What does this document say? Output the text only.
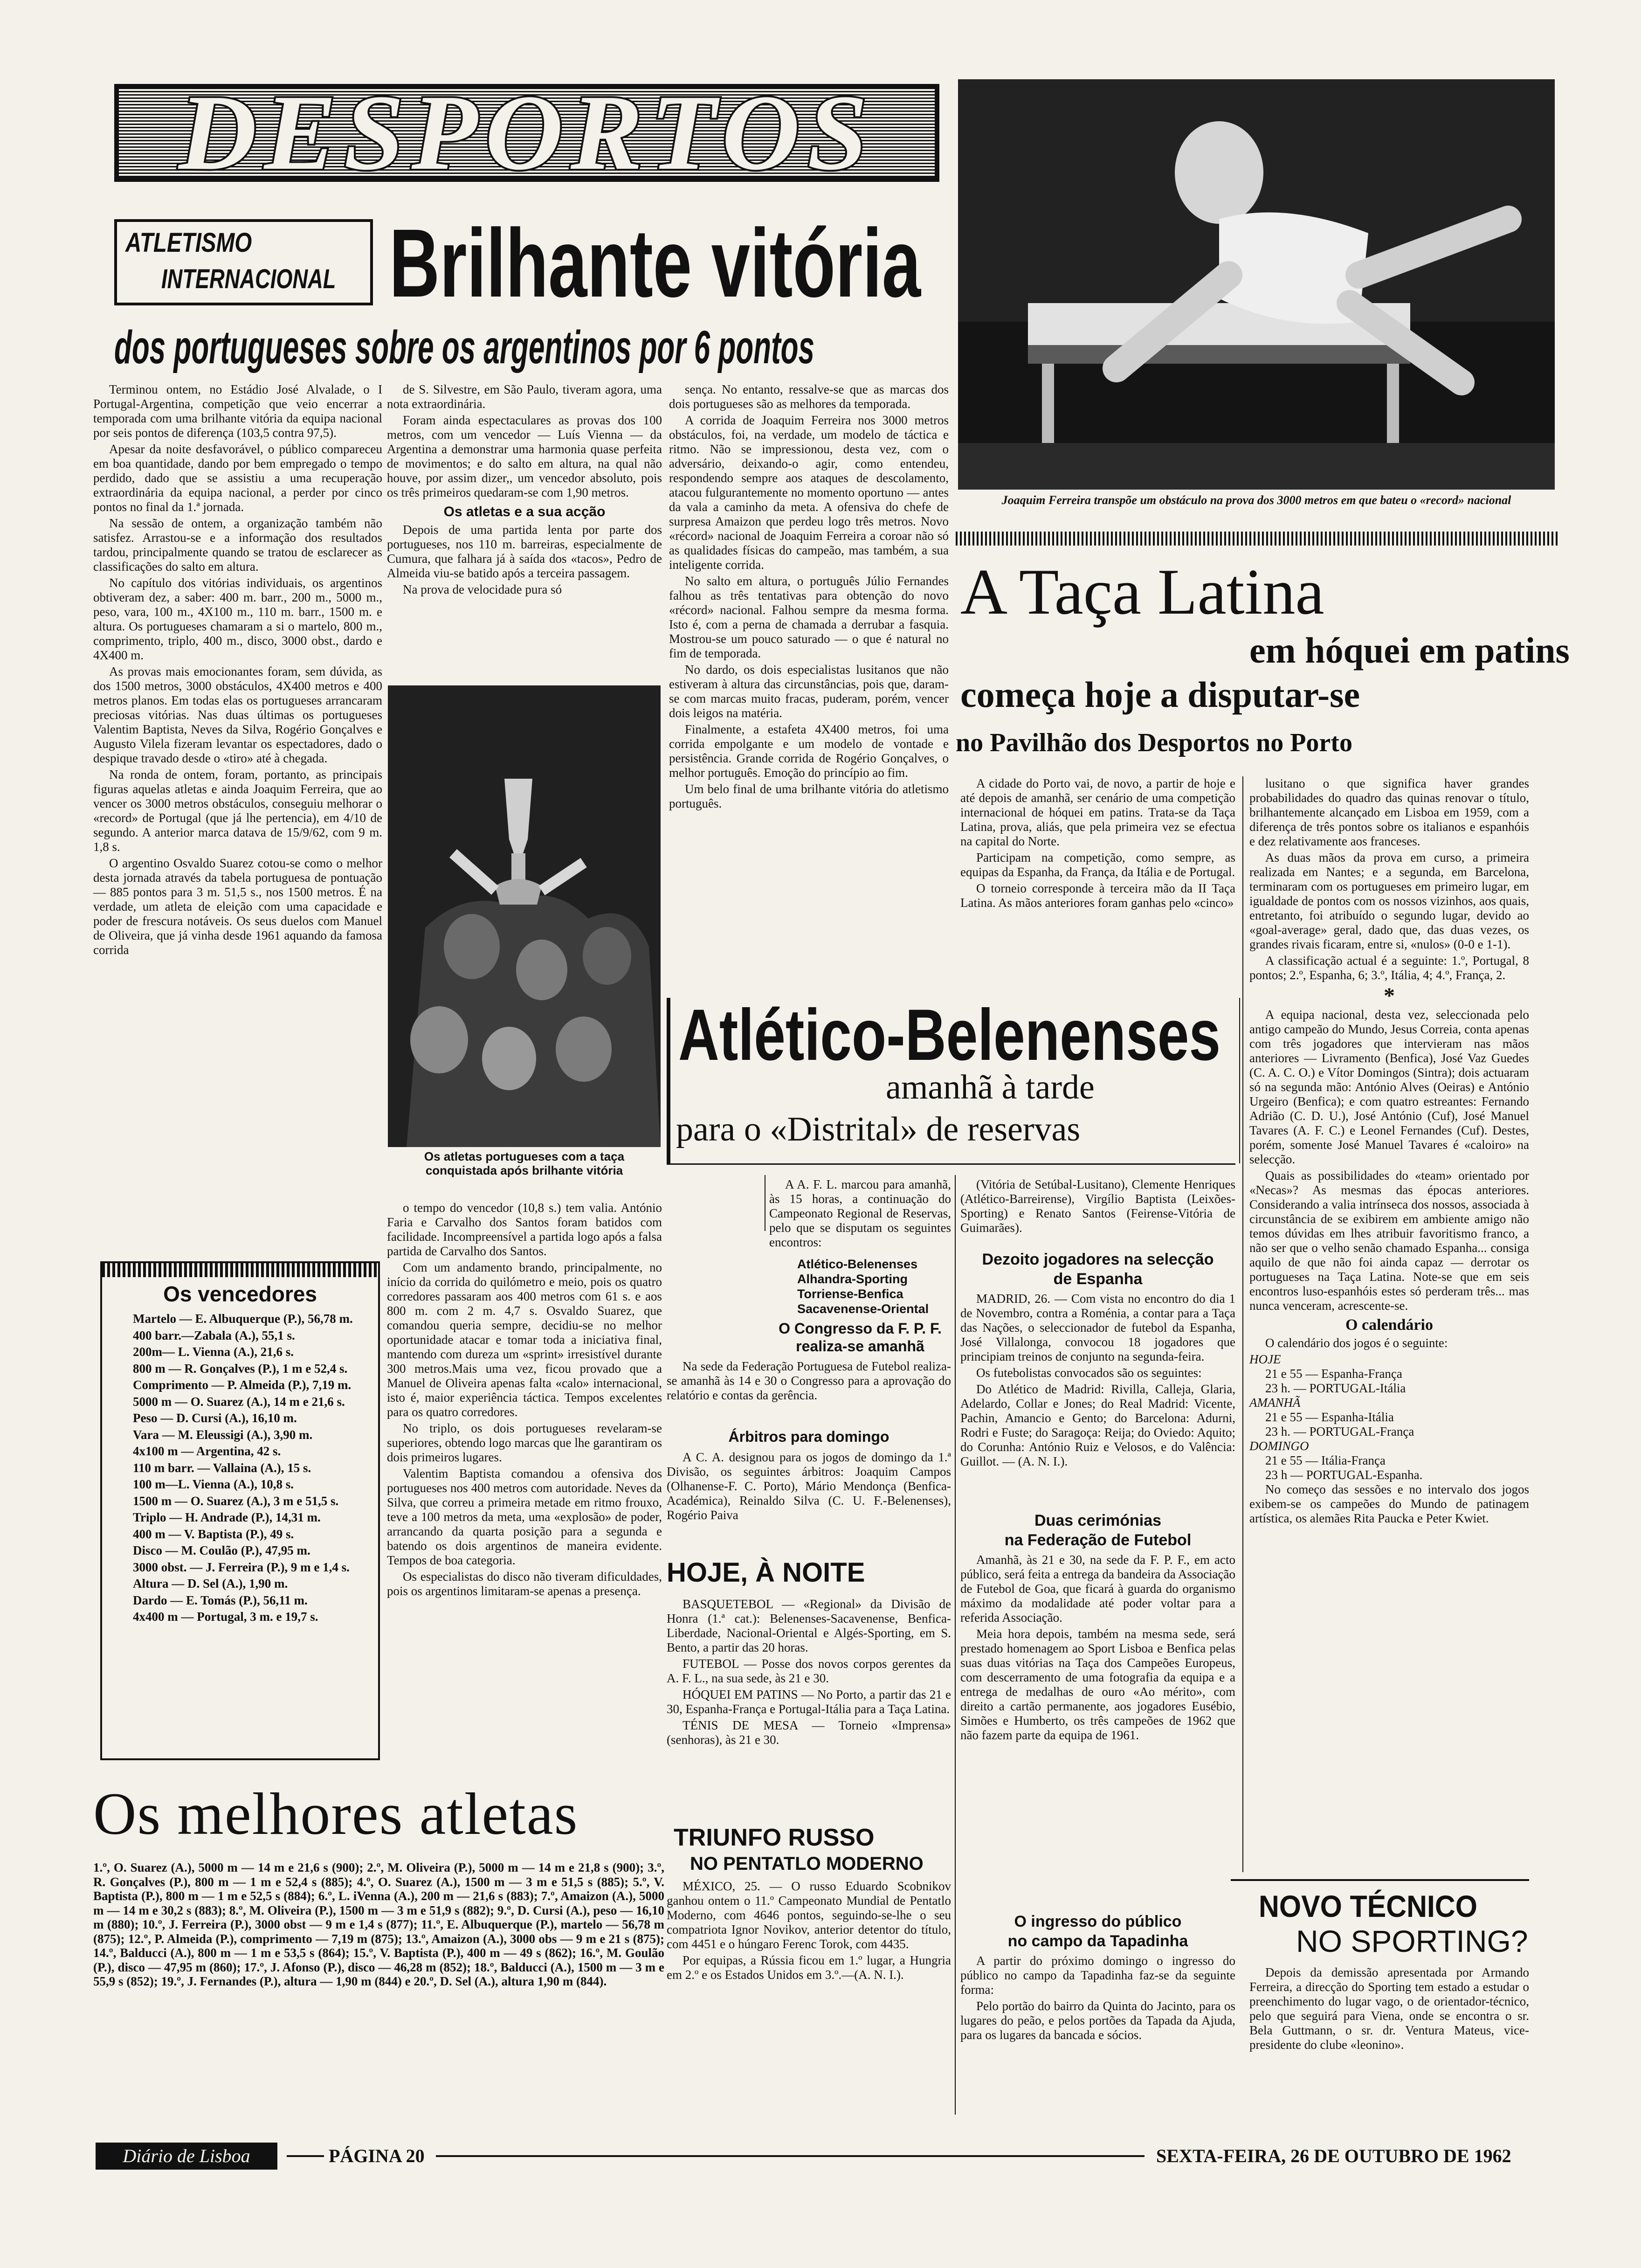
DESPORTOS
ATLETISMO
INTERNACIONAL Brilhante vitória
dos portugueses sobre os argentinos por 6 pontos

Terminou ontem, no Estádio José Alvalade, o I Portugal-Argentina, competição que veio encerrar a temporada com uma brilhante vitória da equipa nacional por seis pontos de diferença (103,5 contra 97,5).

Apesar da noite desfavorável, o público compareceu em boa quantidade, dando por bem empregado o tempo perdido, dado que se assistiu a uma recuperação extraordinária da equipa nacional, a perder por cinco pontos no final da 1.ª jornada.

Na sessão de ontem, a organização também não satisfez. Arrastou-se e a informação dos resultados tardou, principalmente quando se tratou de esclarecer as classificações do salto em altura.

No capítulo dos vitórias individuais, os argentinos obtiveram dez, a saber: 400 m. barr., 200 m., 5000 m., peso, vara, 100 m., 4X100 m., 110 m. barr., 1500 m. e altura. Os portugueses chamaram a si o martelo, 800 m., comprimento, triplo, 400 m., disco, 3000 obst., dardo e 4X400 m.

As provas mais emocionantes foram, sem dúvida, as dos 1500 metros, 3000 obstáculos, 4X400 metros e 400 metros planos. Em todas elas os portugueses arrancaram preciosas vitórias. Nas duas últimas os portugueses Valentim Baptista, Neves da Silva, Rogério Gonçalves e Augusto Vilela fizeram levantar os espectadores, dado o despique travado desde o «tiro» até à chegada.

Na ronda de ontem, foram, portanto, as principais figuras aquelas atletas e ainda Joaquim Ferreira, que ao vencer os 3000 metros obstáculos, conseguiu melhorar o «record» de Portugal (que já lhe pertencia), em 4/10 de segundo. A anterior marca datava de 15/9/62, com 9 m. 1,8 s.

O argentino Osvaldo Suarez cotou-se como o melhor desta jornada através da tabela portuguesa de pontuação — 885 pontos para 3 m. 51,5 s., nos 1500 metros. É na verdade, um atleta de eleição com uma capacidade e poder de frescura notáveis. Os seus duelos com Manuel de Oliveira, que já vinha desde 1961 aquando da famosa corrida

de S. Silvestre, em São Paulo, tiveram agora, uma nota extraordinária.

Foram ainda espectaculares as provas dos 100 metros, com um vencedor — Luís Vienna — da Argentina a demonstrar uma harmonia quase perfeita de movimentos; e do salto em altura, na qual não houve, por assim dizer,, um vencedor absoluto, pois os três primeiros quedaram-se com 1,90 metros.

Os atletas e a sua acção

Depois de uma partida lenta por parte dos portugueses, nos 110 m. barreiras, especialmente de Cumura, que falhara já à saída dos «tacos», Pedro de Almeida viu-se batido após a terceira passagem.

Na prova de velocidade pura só

Os atletas portugueses com a taça conquistada após brilhante vitória

o tempo do vencedor (10,8 s.) tem valia. António Faria e Carvalho dos Santos foram batidos com facilidade. Incompreensível a partida logo após a falsa partida de Carvalho dos Santos.

Com um andamento brando, principalmente, no início da corrida do quilómetro e meio, pois os quatro corredores passaram aos 400 metros com 61 s. e aos 800 m. com 2 m. 4,7 s. Osvaldo Suarez, que comandou queria sempre, decidiu-se no melhor oportunidade atacar e tomar toda a iniciativa final, mantendo com dureza um «sprint» irresistível durante 300 metros.Mais uma vez, ficou provado que a Manuel de Oliveira apenas falta «calo» internacional, isto é, maior experiência táctica. Tempos excelentes para os quatro corredores.

No triplo, os dois portugueses revelaram-se superiores, obtendo logo marcas que lhe garantiram os dois primeiros lugares.

Valentim Baptista comandou a ofensiva dos portugueses nos 400 metros com autoridade. Neves da Silva, que correu a primeira metade em ritmo frouxo, teve a 100 metros da meta, uma «explosão» de poder, arrancando da quarta posição para a segunda e batendo os dois argentinos de maneira evidente. Tempos de boa categoria.

Os especialistas do disco não tiveram dificuldades, pois os argentinos limitaram-se apenas a presença.

sença. No entanto, ressalve-se que as marcas dos dois portugueses são as melhores da temporada.

A corrida de Joaquim Ferreira nos 3000 metros obstáculos, foi, na verdade, um modelo de táctica e ritmo. Não se impressionou, desta vez, com o adversário, deixando-o agir, como entendeu, respondendo sempre aos ataques de descolamento, atacou fulgurantemente no momento oportuno — antes da vala a caminho da meta. A ofensiva do chefe de surpresa Amaizon que perdeu logo três metros. Novo «récord» nacional de Joaquim Ferreira a coroar não só as qualidades físicas do campeão, mas também, a sua inteligente corrida.

No salto em altura, o português Júlio Fernandes falhou as três tentativas para obtenção do novo «récord» nacional. Falhou sempre da mesma forma. Isto é, com a perna de chamada a derrubar a fasquia. Mostrou-se um pouco saturado — o que é natural no fim de temporada.

No dardo, os dois especialistas lusitanos que não estiveram à altura das circunstâncias, pois que, daram-se com marcas muito fracas, puderam, porém, vencer dois leigos na matéria.

Finalmente, a estafeta 4X400 metros, foi uma corrida empolgante e um modelo de vontade e persistência. Grande corrida de Rogério Gonçalves, o melhor português. Emoção do princípio ao fim.

Um belo final de uma brilhante vitória do atletismo português.

Os vencedores
Martelo — E. Albuquerque (P.), 56,78 m.
400 barr.—Zabala (A.), 55,1 s.
200m— L. Vienna (A.), 21,6 s.
800 m — R. Gonçalves (P.), 1 m e 52,4 s.
Comprimento — P. Almeida (P.), 7,19 m.
5000 m — O. Suarez (A.), 14 m e 21,6 s.
Peso — D. Cursi (A.), 16,10 m.
Vara — M. Eleussigi (A.), 3,90 m.
4x100 m — Argentina, 42 s.
110 m barr. — Vallaina (A.), 15 s.
100 m—L. Vienna (A.), 10,8 s.
1500 m — O. Suarez (A.), 3 m e 51,5 s.
Triplo — H. Andrade (P.), 14,31 m.
400 m — V. Baptista (P.), 49 s.
Disco — M. Coulão (P.), 47,95 m.
3000 obst. — J. Ferreira (P.), 9 m e 1,4 s.
Altura — D. Sel (A.), 1,90 m.
Dardo — E. Tomás (P.), 56,11 m.
4x400 m — Portugal, 3 m. e 19,7 s.
Os melhores atletas
1.º, O. Suarez (A.), 5000 m — 14 m e 21,6 s (900); 2.º, M. Oliveira (P.), 5000 m — 14 m e 21,8 s (900); 3.º, R. Gonçalves (P.), 800 m — 1 m e 52,4 s (885); 4.º, O. Suarez (A.), 1500 m — 3 m e 51,5 s (885); 5.º, V. Baptista (P.), 800 m — 1 m e 52,5 s (884); 6.º, L. iVenna (A.), 200 m — 21,6 s (883); 7.º, Amaizon (A.), 5000 m — 14 m e 30,2 s (883); 8.º, M. Oliveira (P.), 1500 m — 3 m e 51,9 s (882); 9.º, D. Cursi (A.), peso — 16,10 m (880); 10.º, J. Ferreira (P.), 3000 obst — 9 m e 1,4 s (877); 11.º, E. Albuquerque (P.), martelo — 56,78 m (875); 12.º, P. Almeida (P.), comprimento — 7,19 m (875); 13.º, Amaizon (A.), 3000 obs — 9 m e 21 s (875); 14.º, Balducci (A.), 800 m — 1 m e 53,5 s (864); 15.º, V. Baptista (P.), 400 m — 49 s (862); 16.º, M. Goulão (P.), disco — 47,95 m (860); 17.º, J. Afonso (P.), disco — 46,28 m (852); 18.º, Balducci (A.), 1500 m — 3 m e 55,9 s (852); 19.º, J. Fernandes (P.), altura — 1,90 m (844) e 20.º, D. Sel (A.), altura 1,90 m (844).
Joaquim Ferreira transpõe um obstáculo na prova dos 3000 metros em que bateu o «record» nacional
A Taça Latina
em hóquei em patins
começa hoje a disputar-se
no Pavilhão dos Desportos no Porto

A cidade do Porto vai, de novo, a partir de hoje e até depois de amanhã, ser cenário de uma competição internacional de hóquei em patins. Trata-se da Taça Latina, prova, aliás, que pela primeira vez se efectua na capital do Norte.

Participam na competição, como sempre, as equipas da Espanha, da França, da Itália e de Portugal.

O torneio corresponde à terceira mão da II Taça Latina. As mãos anteriores foram ganhas pelo «cinco»

lusitano o que significa haver grandes probabilidades do quadro das quinas renovar o título, brilhantemente alcançado em Lisboa em 1959, com a diferença de três pontos sobre os italianos e espanhóis e dez relativamente aos franceses.

As duas mãos da prova em curso, a primeira realizada em Nantes; e a segunda, em Barcelona, terminaram com os portugueses em primeiro lugar, em igualdade de pontos com os nossos vizinhos, aos quais, entretanto, foi atribuído o segundo lugar, devido ao «goal-average» geral, dado que, das duas vezes, os grandes rivais ficaram, entre si, «nulos» (0-0 e 1-1).

A classificação actual é a seguinte: 1.º, Portugal, 8 pontos; 2.º, Espanha, 6; 3.º, Itália, 4; 4.º, França, 2.

*

A equipa nacional, desta vez, seleccionada pelo antigo campeão do Mundo, Jesus Correia, conta apenas com três jogadores que intervieram nas mãos anteriores — Livramento (Benfica), José Vaz Guedes (C. A. C. O.) e Vítor Domingos (Sintra); dois actuaram só na segunda mão: António Alves (Oeiras) e António Urgeiro (Benfica); e com quatro estreantes: Fernando Adrião (C. D. U.), José António (Cuf), José Manuel Tavares (A. F. C.) e Leonel Fernandes (Cuf). Destes, porém, somente José Manuel Tavares é «caloiro» na selecção.

Quais as possibilidades do «team» orientado por «Necas»? As mesmas das épocas anteriores. Considerando a valia intrínseca dos nossos, associada à circunstância de se exibirem em ambiente amigo não temos dúvidas em lhes atribuir favoritismo franco, a não ser que o velho senão chamado Espanha... consiga aquilo de que não foi ainda capaz — derrotar os portugueses na Taça Latina. Note-se que em seis encontros luso-espanhóis estes só perderam três... mas nunca venceram, acrescente-se.

O calendário

O calendário dos jogos é o seguinte:

HOJE
21 e 55 — Espanha-França
23 h. — PORTUGAL-Itália
AMANHÃ
21 e 55 — Espanha-Itália
23 h. — PORTUGAL-França
DOMINGO
21 e 55 — Itália-França
23 h — PORTUGAL-Espanha.

No começo das sessões e no intervalo dos jogos exibem-se os campeões do Mundo de patinagem artística, os alemães Rita Paucka e Peter Kwiet.

NOVO TÉCNICO
NO SPORTING?

Depois da demissão apresentada por Armando Ferreira, a direcção do Sporting tem estado a estudar o preenchimento do lugar vago, o de orientador-técnico, pelo que seguirá para Viena, onde se encontra o sr. Bela Guttmann, o sr. dr. Ventura Mateus, vice-presidente do clube «leonino».

Atlético-Belenenses
amanhã à tarde
para o «Distrital» de reservas

A A. F. L. marcou para amanhã, às 15 horas, a continuação do Campeonato Regional de Reservas, pelo que se disputam os seguintes encontros:

Atlético-Belenenses
Alhandra-Sporting
Torriense-Benfica
Sacavenense-Oriental
O Congresso da F. P. F.
realiza-se amanhã

Na sede da Federação Portuguesa de Futebol realiza-se amanhã às 14 e 30 o Congresso para a aprovação do relatório e contas da gerência.

Árbitros para domingo

A C. A. designou para os jogos de domingo da 1.ª Divisão, os seguintes árbitros: Joaquim Campos (Olhanense-F. C. Porto), Mário Mendonça (Benfica-Académica), Reinaldo Silva (C. U. F.-Belenenses), Rogério Paiva

HOJE, À NOITE

BASQUETEBOL — «Regional» da Divisão de Honra (1.ª cat.): Belenenses-Sacavenense, Benfica-Liberdade, Nacional-Oriental e Algés-Sporting, em S. Bento, a partir das 20 horas.

FUTEBOL — Posse dos novos corpos gerentes da A. F. L., na sua sede, às 21 e 30.

HÓQUEI EM PATINS — No Porto, a partir das 21 e 30, Espanha-França e Portugal-Itália para a Taça Latina.

TÉNIS DE MESA — Torneio «Imprensa» (senhoras), às 21 e 30.

TRIUNFO RUSSO
NO PENTATLO MODERNO

MÉXICO, 25. — O russo Eduardo Scobnikov ganhou ontem o 11.º Campeonato Mundial de Pentatlo Moderno, com 4646 pontos, seguindo-se-lhe o seu compatriota Ignor Novikov, anterior detentor do título, com 4451 e o húngaro Ferenc Torok, com 4435.

Por equipas, a Rússia ficou em 1.º lugar, a Hungria em 2.º e os Estados Unidos em 3.º.—(A. N. I.).

(Vitória de Setúbal-Lusitano), Clemente Henriques (Atlético-Barreirense), Virgílio Baptista (Leixões-Sporting) e Renato Santos (Feirense-Vitória de Guimarães).

Dezoito jogadores na selecção
de Espanha

MADRID, 26. — Com vista no encontro do dia 1 de Novembro, contra a Roménia, a contar para a Taça das Nações, o seleccionador de futebol da Espanha, José Villalonga, convocou 18 jogadores que principiam treinos de conjunto na segunda-feira.

Os futebolistas convocados são os seguintes:

Do Atlético de Madrid: Rivilla, Calleja, Glaria, Adelardo, Collar e Jones; do Real Madrid: Vicente, Pachin, Amancio e Gento; do Barcelona: Adurni, Rodri e Fuste; do Saragoça: Reija; do Oviedo: Aquito; do Corunha: António Ruiz e Velosos, e do Valência: Guillot. — (A. N. I.).

Duas cerimónias
na Federação de Futebol

Amanhã, às 21 e 30, na sede da F. P. F., em acto público, será feita a entrega da bandeira da Associação de Futebol de Goa, que ficará à guarda do organismo máximo da modalidade até poder voltar para a referida Associação.

Meia hora depois, também na mesma sede, será prestado homenagem ao Sport Lisboa e Benfica pelas suas duas vitórias na Taça dos Campeões Europeus, com descerramento de uma fotografia da equipa e a entrega de medalhas de ouro «Ao mérito», com direito a cartão permanente, aos jogadores Eusébio, Simões e Humberto, os três campeões de 1962 que não fazem parte da equipa de 1961.

O ingresso do público
no campo da Tapadinha

A partir do próximo domingo o ingresso do público no campo da Tapadinha faz-se da seguinte forma:

Pelo portão do bairro da Quinta do Jacinto, para os lugares do peão, e pelos portões da Tapada da Ajuda, para os lugares da bancada e sócios.

Diário de Lisboa	PÁGINA 20	SEXTA-FEIRA, 26 DE OUTUBRO DE 1962
